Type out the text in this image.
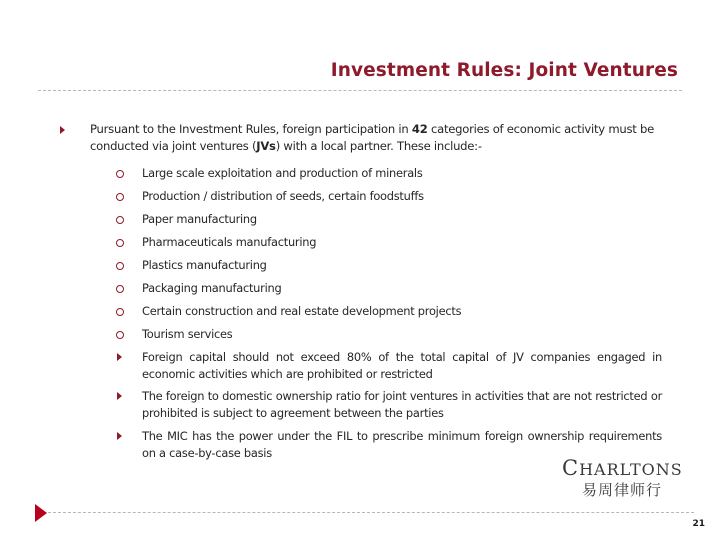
Investment Rules: Joint Ventures
Pursuant to the Investment Rules, foreign participation in 42 categories of economic activity must be conducted via joint ventures (JVs) with a local partner. These include:-
Large scale exploitation and production of minerals
Production / distribution of seeds, certain foodstuffs
Paper manufacturing
Pharmaceuticals manufacturing
Plastics manufacturing
Packaging manufacturing
Certain construction and real estate development projects
Tourism services
Foreign capital should not exceed 80% of the total capital of JV companies engaged in economic activities which are prohibited or restricted
The foreign to domestic ownership ratio for joint ventures in activities that are not restricted or prohibited is subject to agreement between the parties
The MIC has the power under the FIL to prescribe minimum foreign ownership requirements on a case-by-case basis
CHARLTONS
易周律师行
21
